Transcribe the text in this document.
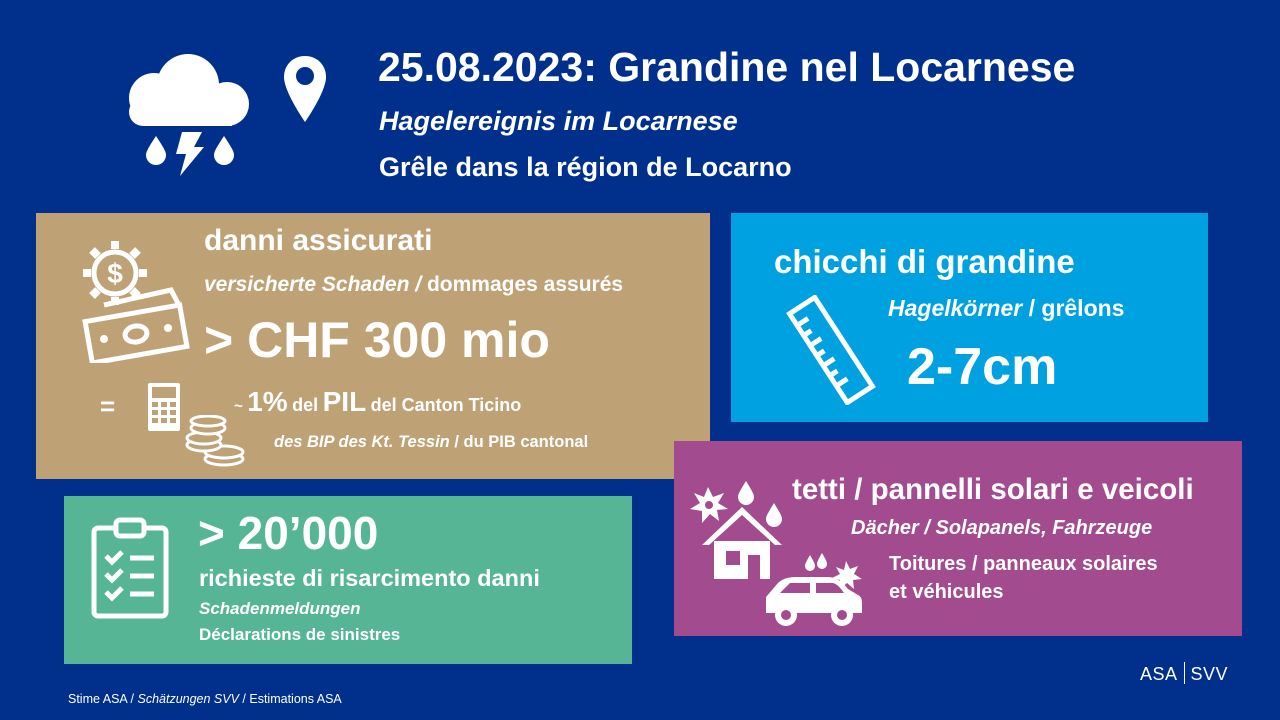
25.08.2023: Grandine nel Locarnese
Hagelereignis im Locarnese
Grêle dans la région de Locarno
$
danni assicurati
versicherte Schaden / dommages assurés
> CHF 300 mio
=	~ 1% del PIL del Canton Ticino
des BIP des Kt. Tessin / du PIB cantonal
chicchi di grandine
Hagelkörner / grêlons
2-7cm
> 20’000
richieste di risarcimento danni
Schadenmeldungen
Déclarations de sinistres
tetti / pannelli solari e veicoli
Dächer / Solapanels, Fahrzeuge
Toitures / panneaux solaires
et véhicules
Stime ASA / Schätzungen SVV / Estimations ASA
ASA SVV
